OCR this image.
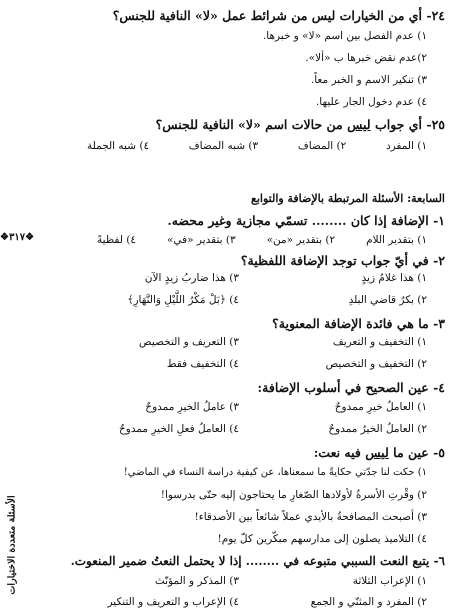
٢٤- أي من الخيارات ليس من شرائط عمل «لا» النافية للجنس؟
١) عدم الفصل بين اسم «لا» و خبرها.
٢)عدم نقض خبرها ب «ألا».
٣) تنكير الاسم و الخبر معاً.
٤) عدم دخول الجار عليها.
٢٥- أي جواب ليس من حالات اسم «لا» النافية للجنس؟
١) المفرد
٢) المضاف
٣) شبه المضاف
٤) شبه الجملة
السابعة: الأسئلة المرتبطة بالإضافة والتوابع
١- الإضافة إذا كان ........ تسمّي مجازية وغير محضه.
١) بتقدير اللام
٢) بتقدير «من»
٣) بتقدير «في»
٤) لفظيةً
❖٣١٧❖
٢- في أيّ جواب توجد الإضافة اللفظية؟
١) هذا غلامُ زيدٍ
٣) هذا ضاربُ زيدٍ الآن
٢) بكرٌ قاضي البلدِ
٤) ﴿بَلْ مَكْرُ اللَّيْلِ وَالنَّهَارِ﴾
٣- ما هي فائدة الإضافة المعنوية؟
١) التخفيف و التعريف
٣) التعريف و التخصيص
٢) التخفيف و التخصيص
٤) التخفيف فقط
٤- عين الصحيح في أسلوب الإضافة:
١) العاملُ خيرِ ممدوحٌ
٣) عاملُ الخيرِ ممدوحٌ
٢) العاملُ الخيرُ ممدوحٌ
٤) العاملُ فعلِ الخيرِ ممدوحٌ
٥- عين ما ليس فيه نعت:
١) حكت لنا جدّتي حكايةً ما سمعناها، عن كيفية دراسة النساء في الماضي!
٢) وقْرتِ الأسرةُ لأولادها الصّغارِ ما يحتاجون إليه حتّى يدرسوا!
٣) أصبحت المصافحةُ بالأيدي عملاً شائعاً بين الأصدقاء!
٤) التلاميذ يصلون إلى مدارسهم مبكّرين كلّ يوم!
٦- يتبع النعت السببي متبوعه في ........ إذا لا يحتمل النعتُ ضمير المنعوت.
١) الإعراب الثلاثة
٣) المذكر و المؤنّث
٢) المفرد و المثنّي و الجمع
٤) الإعراب و التعريف و التنكير
الأسئلة متعددة الاختيارات
